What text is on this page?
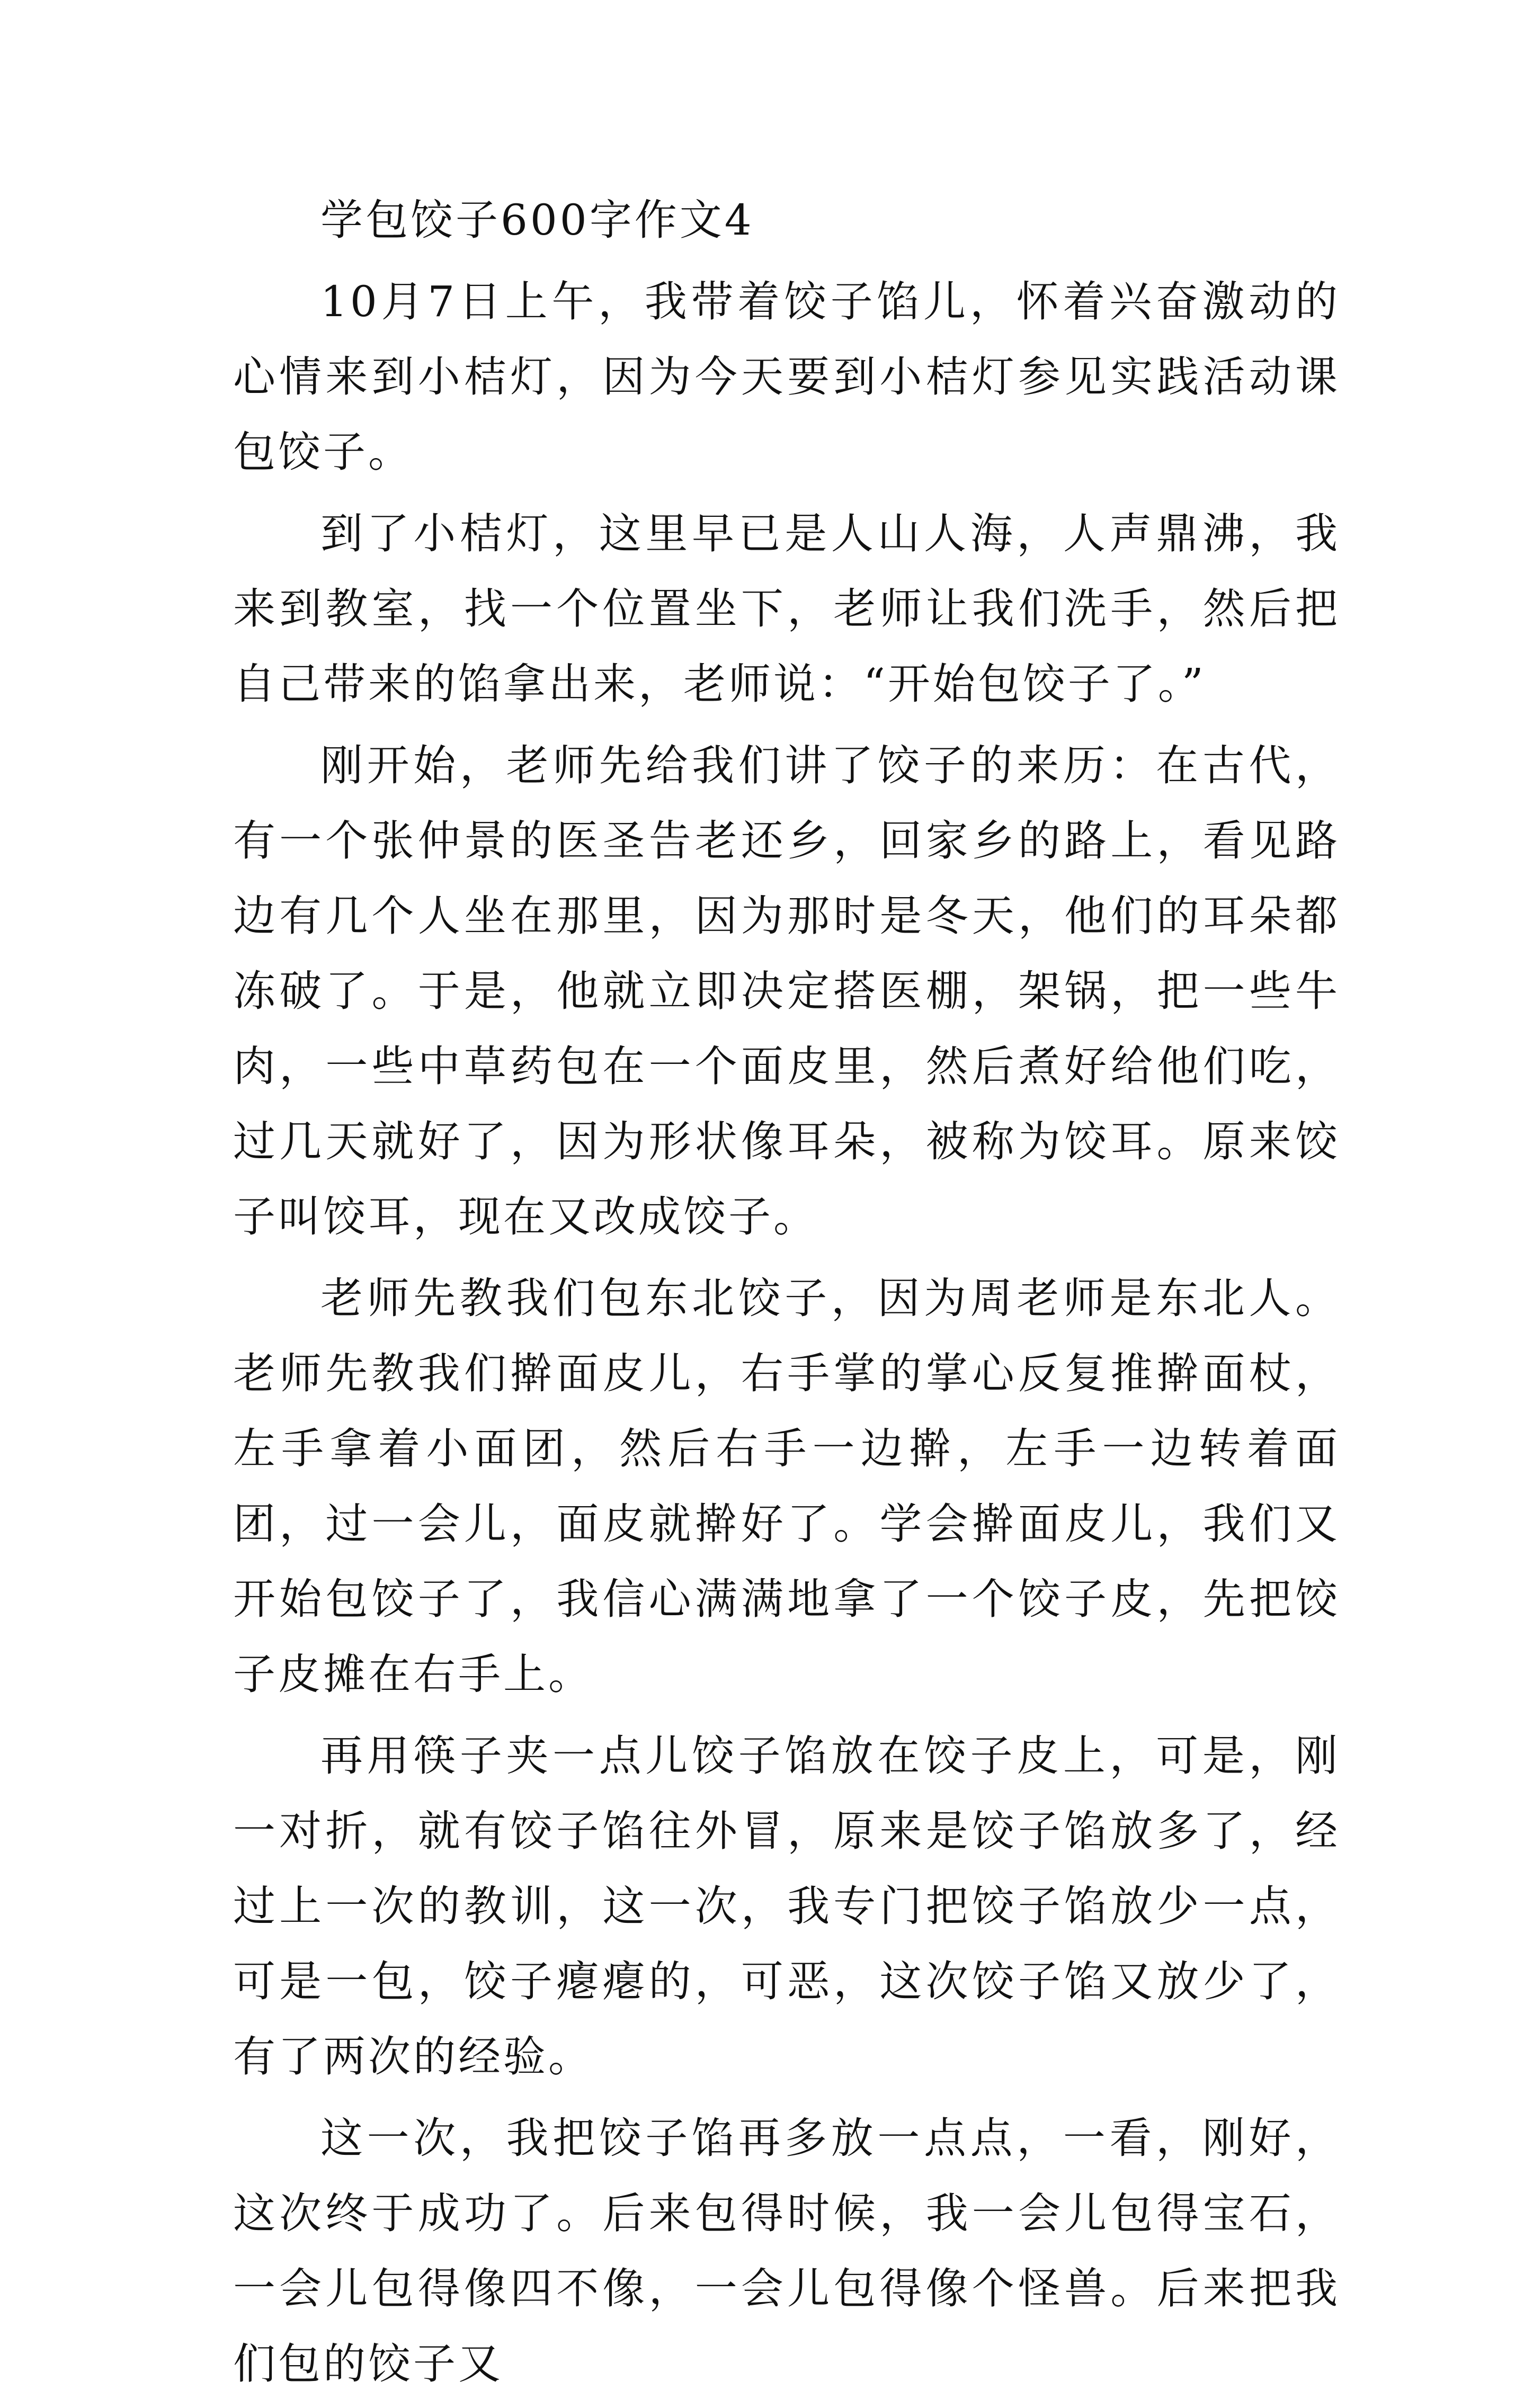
学包饺子600字作文4

10月7日上午，我带着饺子馅儿，怀着兴奋激动的心情来到小桔灯，因为今天要到小桔灯参见实践活动课包饺子。

到了小桔灯，这里早已是人山人海，人声鼎沸，我来到教室，找一个位置坐下，老师让我们洗手，然后把自己带来的馅拿出来，老师说：“开始包饺子了。”

刚开始，老师先给我们讲了饺子的来历：在古代，有一个张仲景的医圣告老还乡，回家乡的路上，看见路边有几个人坐在那里，因为那时是冬天，他们的耳朵都冻破了。于是，他就立即决定搭医棚，架锅，把一些牛肉，一些中草药包在一个面皮里，然后煮好给他们吃，过几天就好了，因为形状像耳朵，被称为饺耳。原来饺子叫饺耳，现在又改成饺子。

老师先教我们包东北饺子，因为周老师是东北人。老师先教我们擀面皮儿，右手掌的掌心反复推擀面杖，左手拿着小面团，然后右手一边擀，左手一边转着面团，过一会儿，面皮就擀好了。学会擀面皮儿，我们又开始包饺子了，我信心满满地拿了一个饺子皮，先把饺子皮摊在右手上。

再用筷子夹一点儿饺子馅放在饺子皮上，可是，刚一对折，就有饺子馅往外冒，原来是饺子馅放多了，经过上一次的教训，这一次，我专门把饺子馅放少一点，可是一包，饺子瘪瘪的，可恶，这次饺子馅又放少了，有了两次的经验。

这一次，我把饺子馅再多放一点点，一看，刚好，这次终于成功了。后来包得时候，我一会儿包得宝石，一会儿包得像四不像，一会儿包得像个怪兽。后来把我们包的饺子又
